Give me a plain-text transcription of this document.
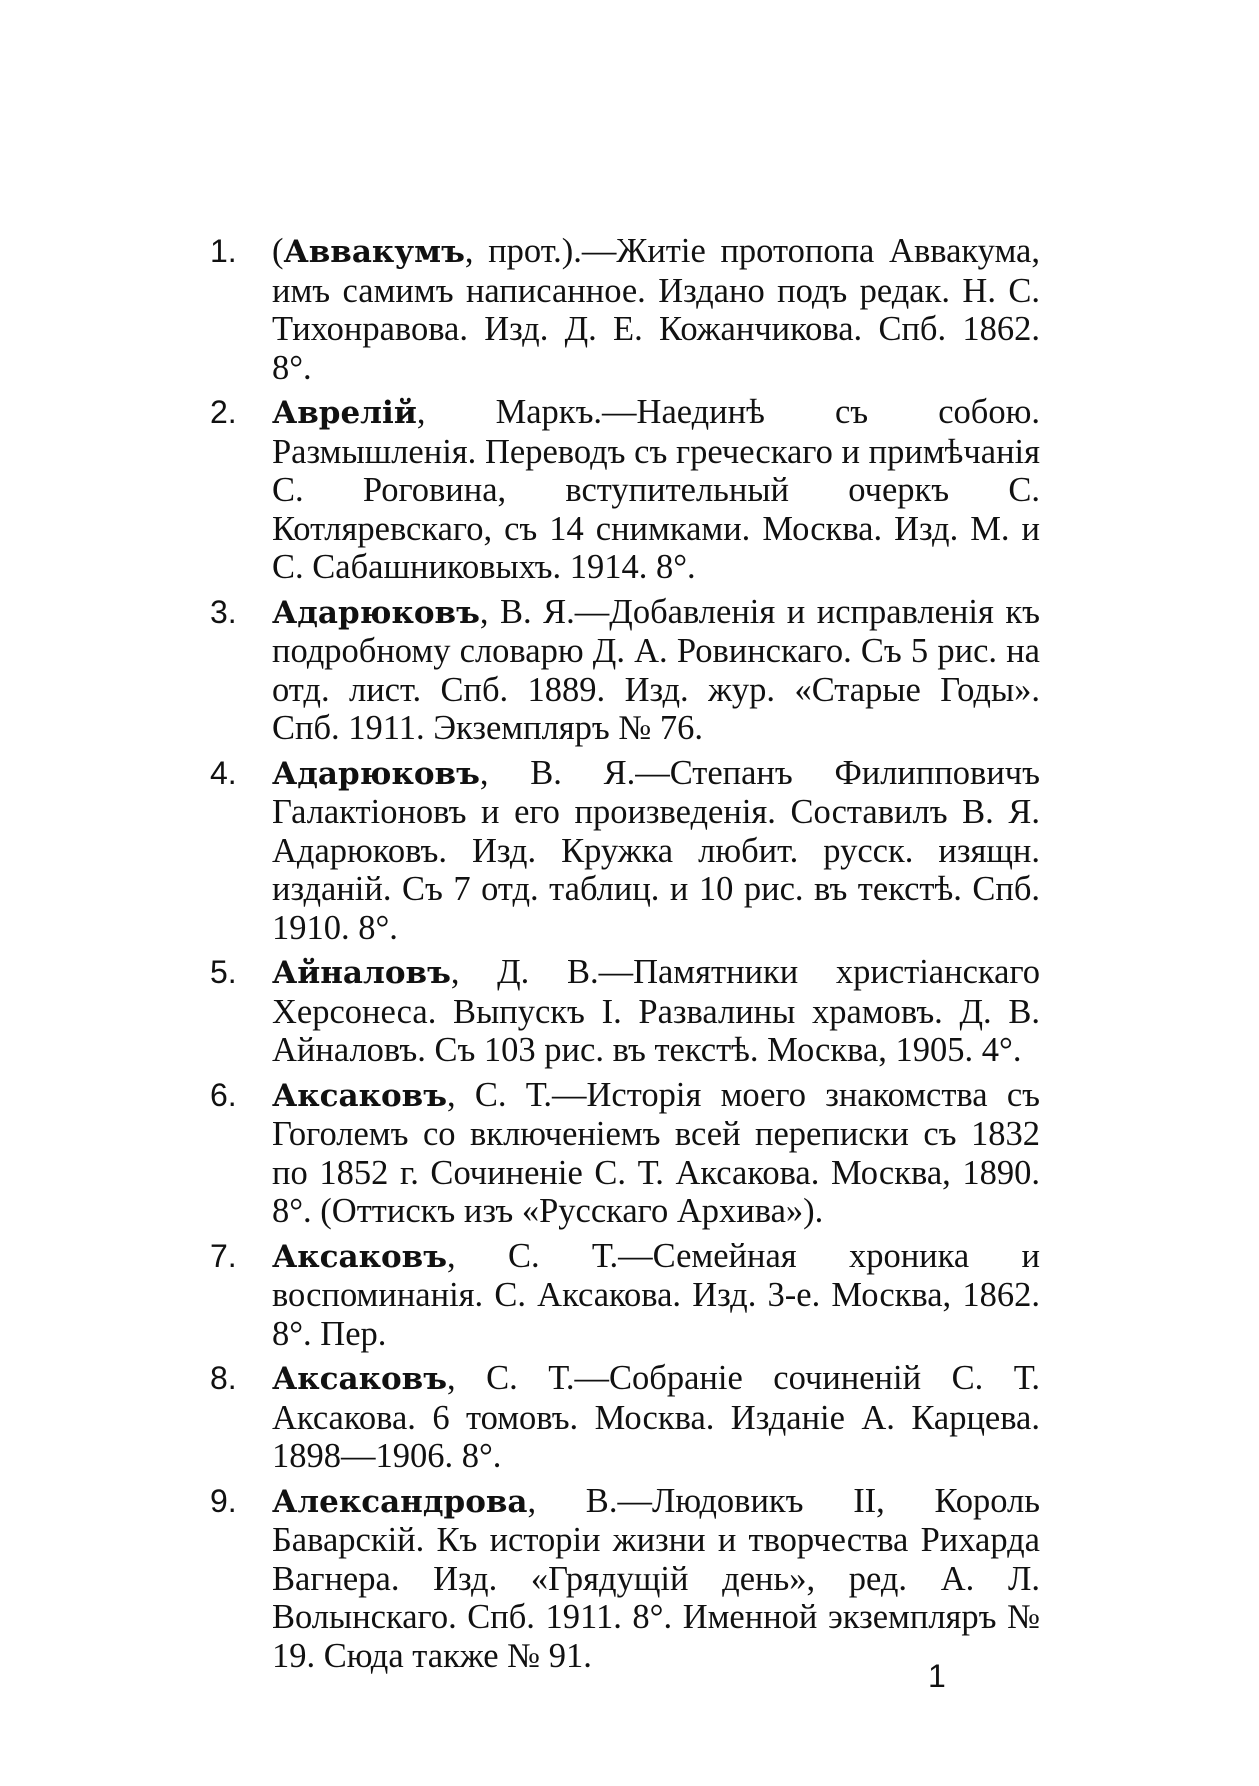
1. (Аввакумъ, прот.).—Житіе протопопа Аввакума, имъ самимъ написанное. Издано подъ редак. Н. С. Тихонравова. Изд. Д. Е. Кожанчикова. Спб. 1862. 8°.
2. Аврелій, Маркъ.—Наединѣ съ собою. Размышленія. Переводъ съ греческаго и примѣчанія С. Роговина, вступительный очеркъ С. Котляревскаго, съ 14 снимками. Москва. Изд. М. и С. Сабашниковыхъ. 1914. 8°.
3. Адарюковъ, В. Я.—Добавленія и исправленія къ подробному словарю Д. А. Ровинскаго. Съ 5 рис. на отд. лист. Спб. 1889. Изд. жур. «Старые Годы». Спб. 1911. Экземпляръ № 76.
4. Адарюковъ, В. Я.—Степанъ Филипповичъ Галактіоновъ и его произведенія. Составилъ В. Я. Адарюковъ. Изд. Кружка любит. русск. изящн. изданій. Съ 7 отд. таблиц. и 10 рис. въ текстѣ. Спб. 1910. 8°.
5. Айналовъ, Д. В.—Памятники христіанскаго Херсонеса. Выпускъ I. Развалины храмовъ. Д. В. Айналовъ. Съ 103 рис. въ текстѣ. Москва, 1905. 4°.
6. Аксаковъ, С. Т.—Исторія моего знакомства съ Гоголемъ со включеніемъ всей переписки съ 1832 по 1852 г. Сочиненіе С. Т. Аксакова. Москва, 1890. 8°. (Оттискъ изъ «Русскаго Архива»).
7. Аксаковъ, С. Т.—Семейная хроника и воспоминанія. С. Аксакова. Изд. 3-е. Москва, 1862. 8°. Пер.
8. Аксаковъ, С. Т.—Собраніе сочиненій С. Т. Аксакова. 6 томовъ. Москва. Изданіе А. Карцева. 1898—1906. 8°.
9. Александрова, В.—Людовикъ II, Король Баварскій. Къ исторіи жизни и творчества Рихарда Вагнера. Изд. «Грядущій день», ред. А. Л. Волынскаго. Спб. 1911. 8°. Именной экземпляръ № 19. Сюда также № 91.
1
